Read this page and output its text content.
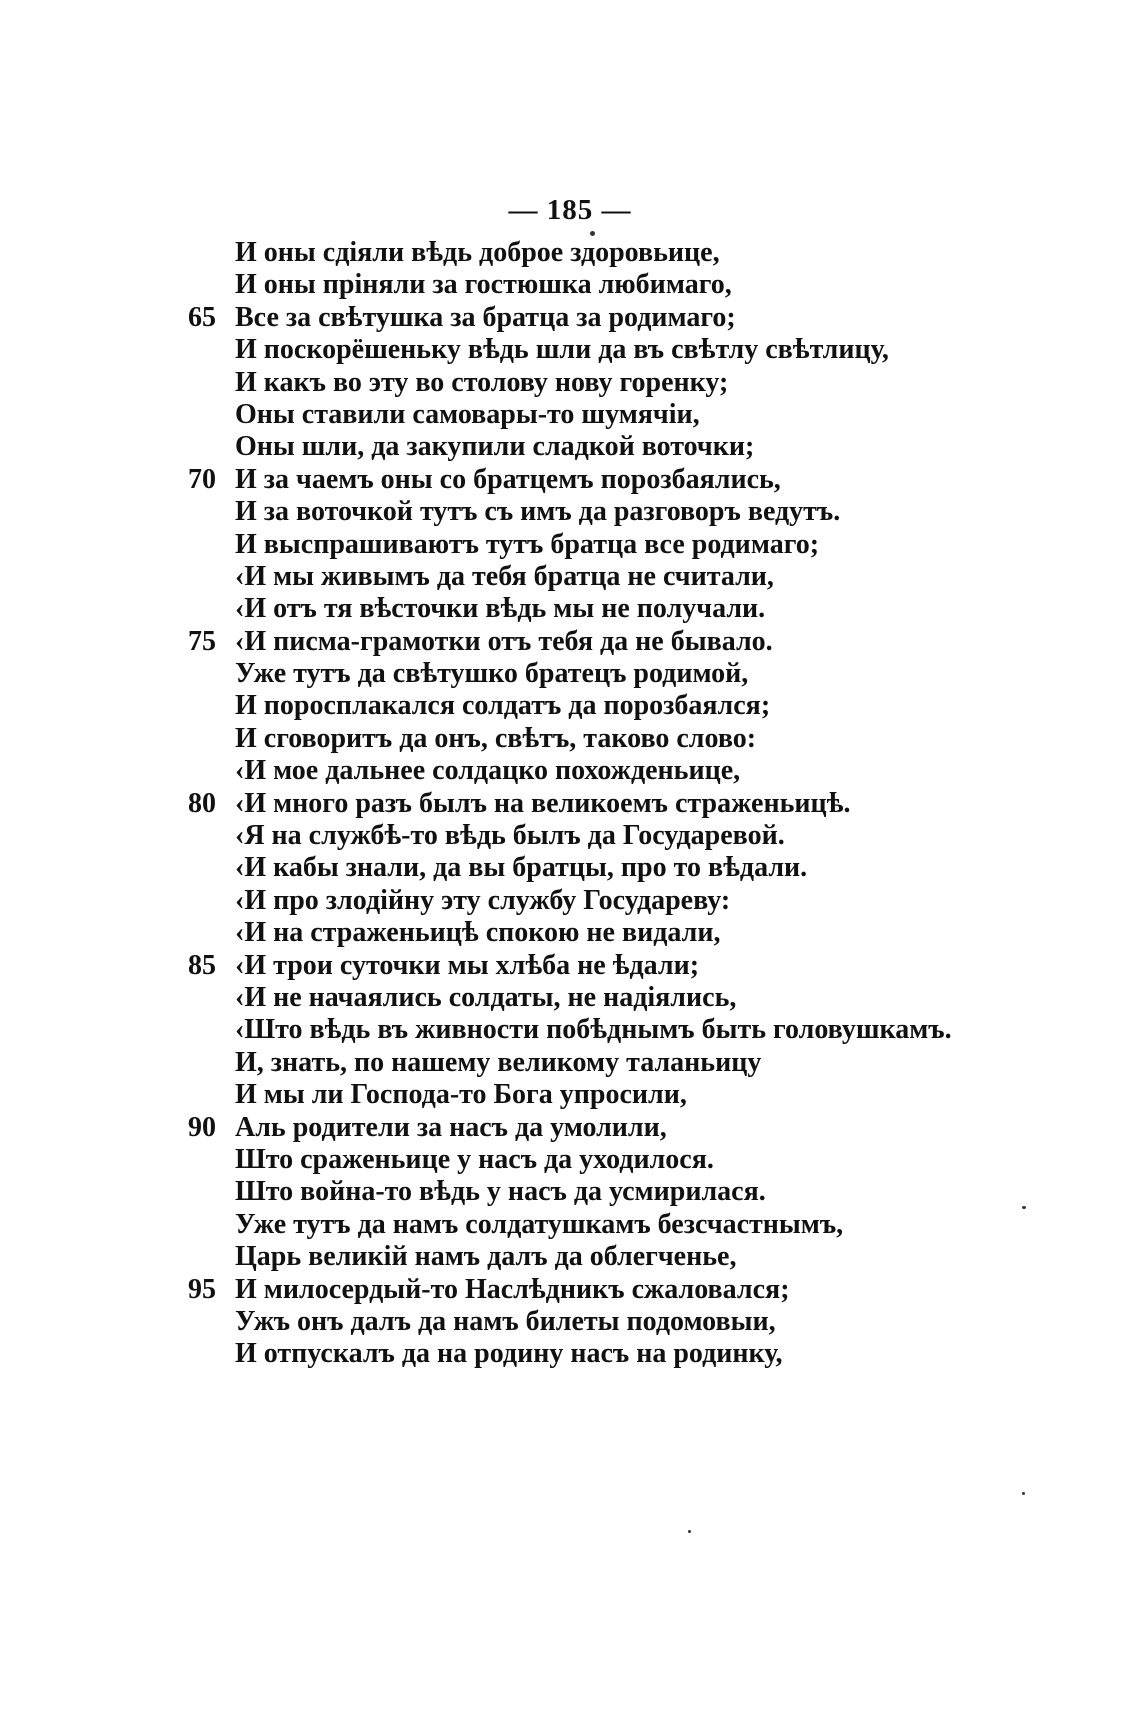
— 185 —
И оны сдiяли вѣдь доброе здоровьице,
И оны прiняли за гостюшка любимаго,
65 Все за свѣтушка за братца за родимаго;
И поскорёшеньку вѣдь шли да въ свѣтлу свѣтлицу,
И какъ во эту во столову нову горенку;
Оны ставили самовары-то шумячiи,
Оны шли, да закупили сладкой воточки;
70 И за чаемъ оны со братцемъ порозбаялись,
И за воточкой тутъ съ имъ да разговоръ ведутъ.
И выспрашиваютъ тутъ братца все родимаго;
‹И мы живымъ да тебя братца не считали,
‹И отъ тя вѣсточки вѣдь мы не получали.
75 ‹И писма-грамотки отъ тебя да не бывало.
Уже тутъ да свѣтушко братецъ родимой,
И поросплакался солдатъ да порозбаялся;
И сговоритъ да онъ, свѣтъ, таково слово:
‹И мое дальнее солдацко похожденьице,
80 ‹И много разъ былъ на великоемъ страженьицѣ.
‹Я на службѣ-то вѣдь былъ да Государевой.
‹И кабы знали, да вы братцы, про то вѣдали.
‹И про злодiйну эту службу Государеву:
‹И на страженьицѣ спокою не видали,
85 ‹И трои суточки мы хлѣба не ѣдали;
‹И не начаялись солдаты, не надiялись,
‹Што вѣдь въ живности побѣднымъ быть головушкамъ.
И, знать, по нашему великому таланьицу
И мы ли Господа-то Бога упросили,
90 Аль родители за насъ да умолили,
Што сраженьице у насъ да уходилося.
Што война-то вѣдь у насъ да усмирилася.
Уже тутъ да намъ солдатушкамъ безсчастнымъ,
Царь великiй намъ далъ да облегченье,
95 И милосердый-то Наслѣдникъ сжаловался;
Ужъ онъ далъ да намъ билеты подомовыи,
И отпускалъ да на родину насъ на родинку,
